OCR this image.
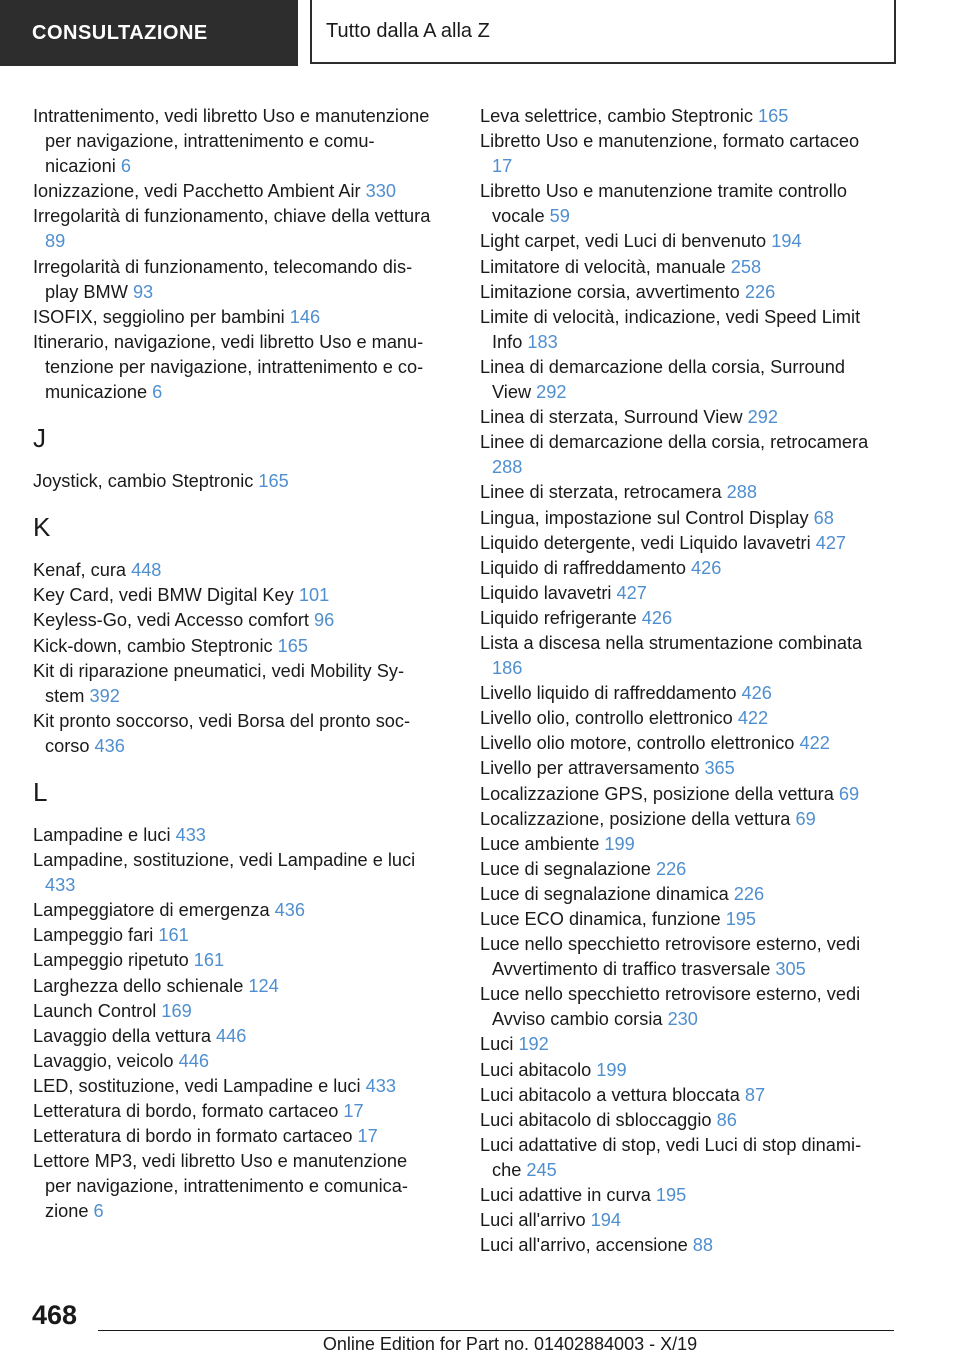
CONSULTAZIONE	Tutto dalla A alla Z
Intrattenimento, vedi libretto Uso e manutenzione per navigazione, intrattenimento e comunicazioni 6
Ionizzazione, vedi Pacchetto Ambient Air 330
Irregolarità di funzionamento, chiave della vettura 89
Irregolarità di funzionamento, telecomando display BMW 93
ISOFIX, seggiolino per bambini 146
Itinerario, navigazione, vedi libretto Uso e manutenzione per navigazione, intrattenimento e comunicazione 6
J
Joystick, cambio Steptronic 165
K
Kenaf, cura 448
Key Card, vedi BMW Digital Key 101
Keyless-Go, vedi Accesso comfort 96
Kick-down, cambio Steptronic 165
Kit di riparazione pneumatici, vedi Mobility System 392
Kit pronto soccorso, vedi Borsa del pronto soccorso 436
L
Lampadine e luci 433
Lampadine, sostituzione, vedi Lampadine e luci 433
Lampeggiatore di emergenza 436
Lampeggio fari 161
Lampeggio ripetuto 161
Larghezza dello schienale 124
Launch Control 169
Lavaggio della vettura 446
Lavaggio, veicolo 446
LED, sostituzione, vedi Lampadine e luci 433
Letteratura di bordo, formato cartaceo 17
Letteratura di bordo in formato cartaceo 17
Lettore MP3, vedi libretto Uso e manutenzione per navigazione, intrattenimento e comunicazione 6
Leva selettrice, cambio Steptronic 165
Libretto Uso e manutenzione, formato cartaceo 17
Libretto Uso e manutenzione tramite controllo vocale 59
Light carpet, vedi Luci di benvenuto 194
Limitatore di velocità, manuale 258
Limitazione corsia, avvertimento 226
Limite di velocità, indicazione, vedi Speed Limit Info 183
Linea di demarcazione della corsia, Surround View 292
Linea di sterzata, Surround View 292
Linee di demarcazione della corsia, retrocamera 288
Linee di sterzata, retrocamera 288
Lingua, impostazione sul Control Display 68
Liquido detergente, vedi Liquido lavavetri 427
Liquido di raffreddamento 426
Liquido lavavetri 427
Liquido refrigerante 426
Lista a discesa nella strumentazione combinata 186
Livello liquido di raffreddamento 426
Livello olio, controllo elettronico 422
Livello olio motore, controllo elettronico 422
Livello per attraversamento 365
Localizzazione GPS, posizione della vettura 69
Localizzazione, posizione della vettura 69
Luce ambiente 199
Luce di segnalazione 226
Luce di segnalazione dinamica 226
Luce ECO dinamica, funzione 195
Luce nello specchietto retrovisore esterno, vedi Avvertimento di traffico trasversale 305
Luce nello specchietto retrovisore esterno, vedi Avviso cambio corsia 230
Luci 192
Luci abitacolo 199
Luci abitacolo a vettura bloccata 87
Luci abitacolo di sbloccaggio 86
Luci adattative di stop, vedi Luci di stop dinamiche 245
Luci adattive in curva 195
Luci all'arrivo 194
Luci all'arrivo, accensione 88
468
Online Edition for Part no. 01402884003 - X/19
